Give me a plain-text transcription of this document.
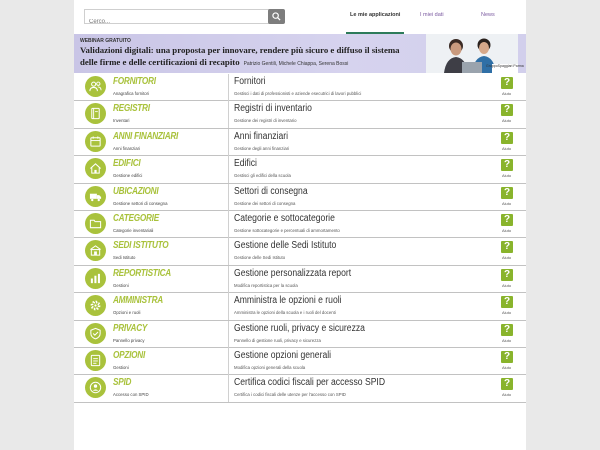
Cerco...
Le mie applicazioni	I miei dati	News
WEBINAR GRATUITO
Validazioni digitali: una proposta per innovare, rendere più sicuro e diffuso il sistema
delle firme e delle certificazioni di recapito Patrizio Gentili, Michele Chiappa, Serena Bossi	GruppoSpaggiari Parma
FORNITORI
Anagrafica fornitori
Fornitori
Gestisci i dati di professionisti e aziende esecutrici di lavori pubblici
?
Aiuto
REGISTRI
Inventari
Registri di inventario
Gestione dei registri di inventario
?
Aiuto
ANNI FINANZIARI
Anni finanziari
Anni finanziari
Gestione degli anni finanziari
?
Aiuto
EDIFICI
Gestione edifici
Edifici
Gestisci gli edifici della scuola
?
Aiuto
UBICAZIONI
Gestione settori di consegna
Settori di consegna
Gestione dei settori di consegna
?
Aiuto
CATEGORIE
Categorie inventariali
Categorie e sottocategorie
Gestione sottocategorie e percentuali di ammortamento
?
Aiuto
SEDI ISTITUTO
Sedi Istituto
Gestione delle Sedi Istituto
Gestione delle Sedi Istituto
?
Aiuto
REPORTISTICA
Gestioni
Gestione personalizzata report
Modifica reportistica per la scuola
?
Aiuto
AMMINISTRA
Opzioni e ruoli
Amministra le opzioni e ruoli
Amministra le opzioni della scuola e i ruoli del docenti
?
Aiuto
PRIVACY
Pannello privacy
Gestione ruoli, privacy e sicurezza
Pannello di gestione ruoli, privacy e sicurezza
?
Aiuto
OPZIONI
Gestioni
Gestione opzioni generali
Modifica opzioni generali della scuola
?
Aiuto
SPID
Accesso con SPID
Certifica codici fiscali per accesso SPID
Certifica i codici fiscali delle utenze per l'accesso con SPID
?
Aiuto
